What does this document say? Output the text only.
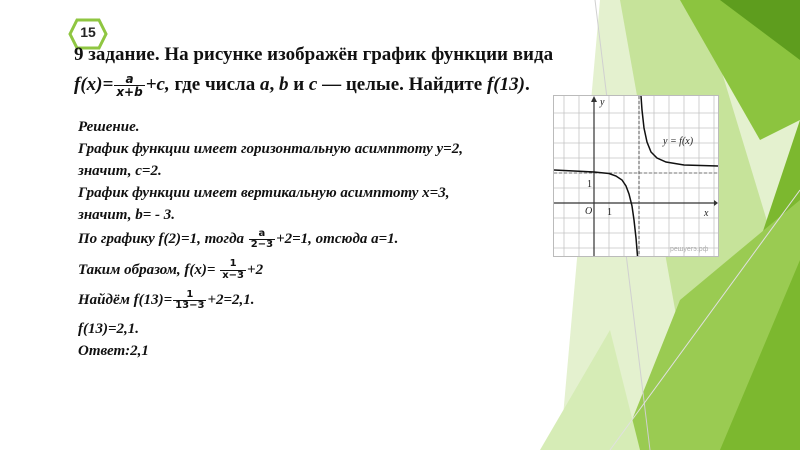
15
9 задание. На рисунке изображён график функции вида
$f(x)= \frac{a}{x+b} +c$, где числа a, b и c — целые. Найдите f(13).
Решение.
График функции имеет горизонтальную асимптоту y=2,
значит, с=2.
График функции имеет вертикальную асимптоту х=3,
значит, b= - 3.
По графику f(2)=1, тогда $\frac{a}{2-3} +2=1$, отсюда а=1.
Таким образом, $f(x)= \frac{1}{x-3} +2$
Найдём $f(13)= \frac{1}{13-3} +2=2,1$.
f(13)=2,1.
Ответ:2,1
y
x
O
1
1
y = f(x)
решуегэ.рф
